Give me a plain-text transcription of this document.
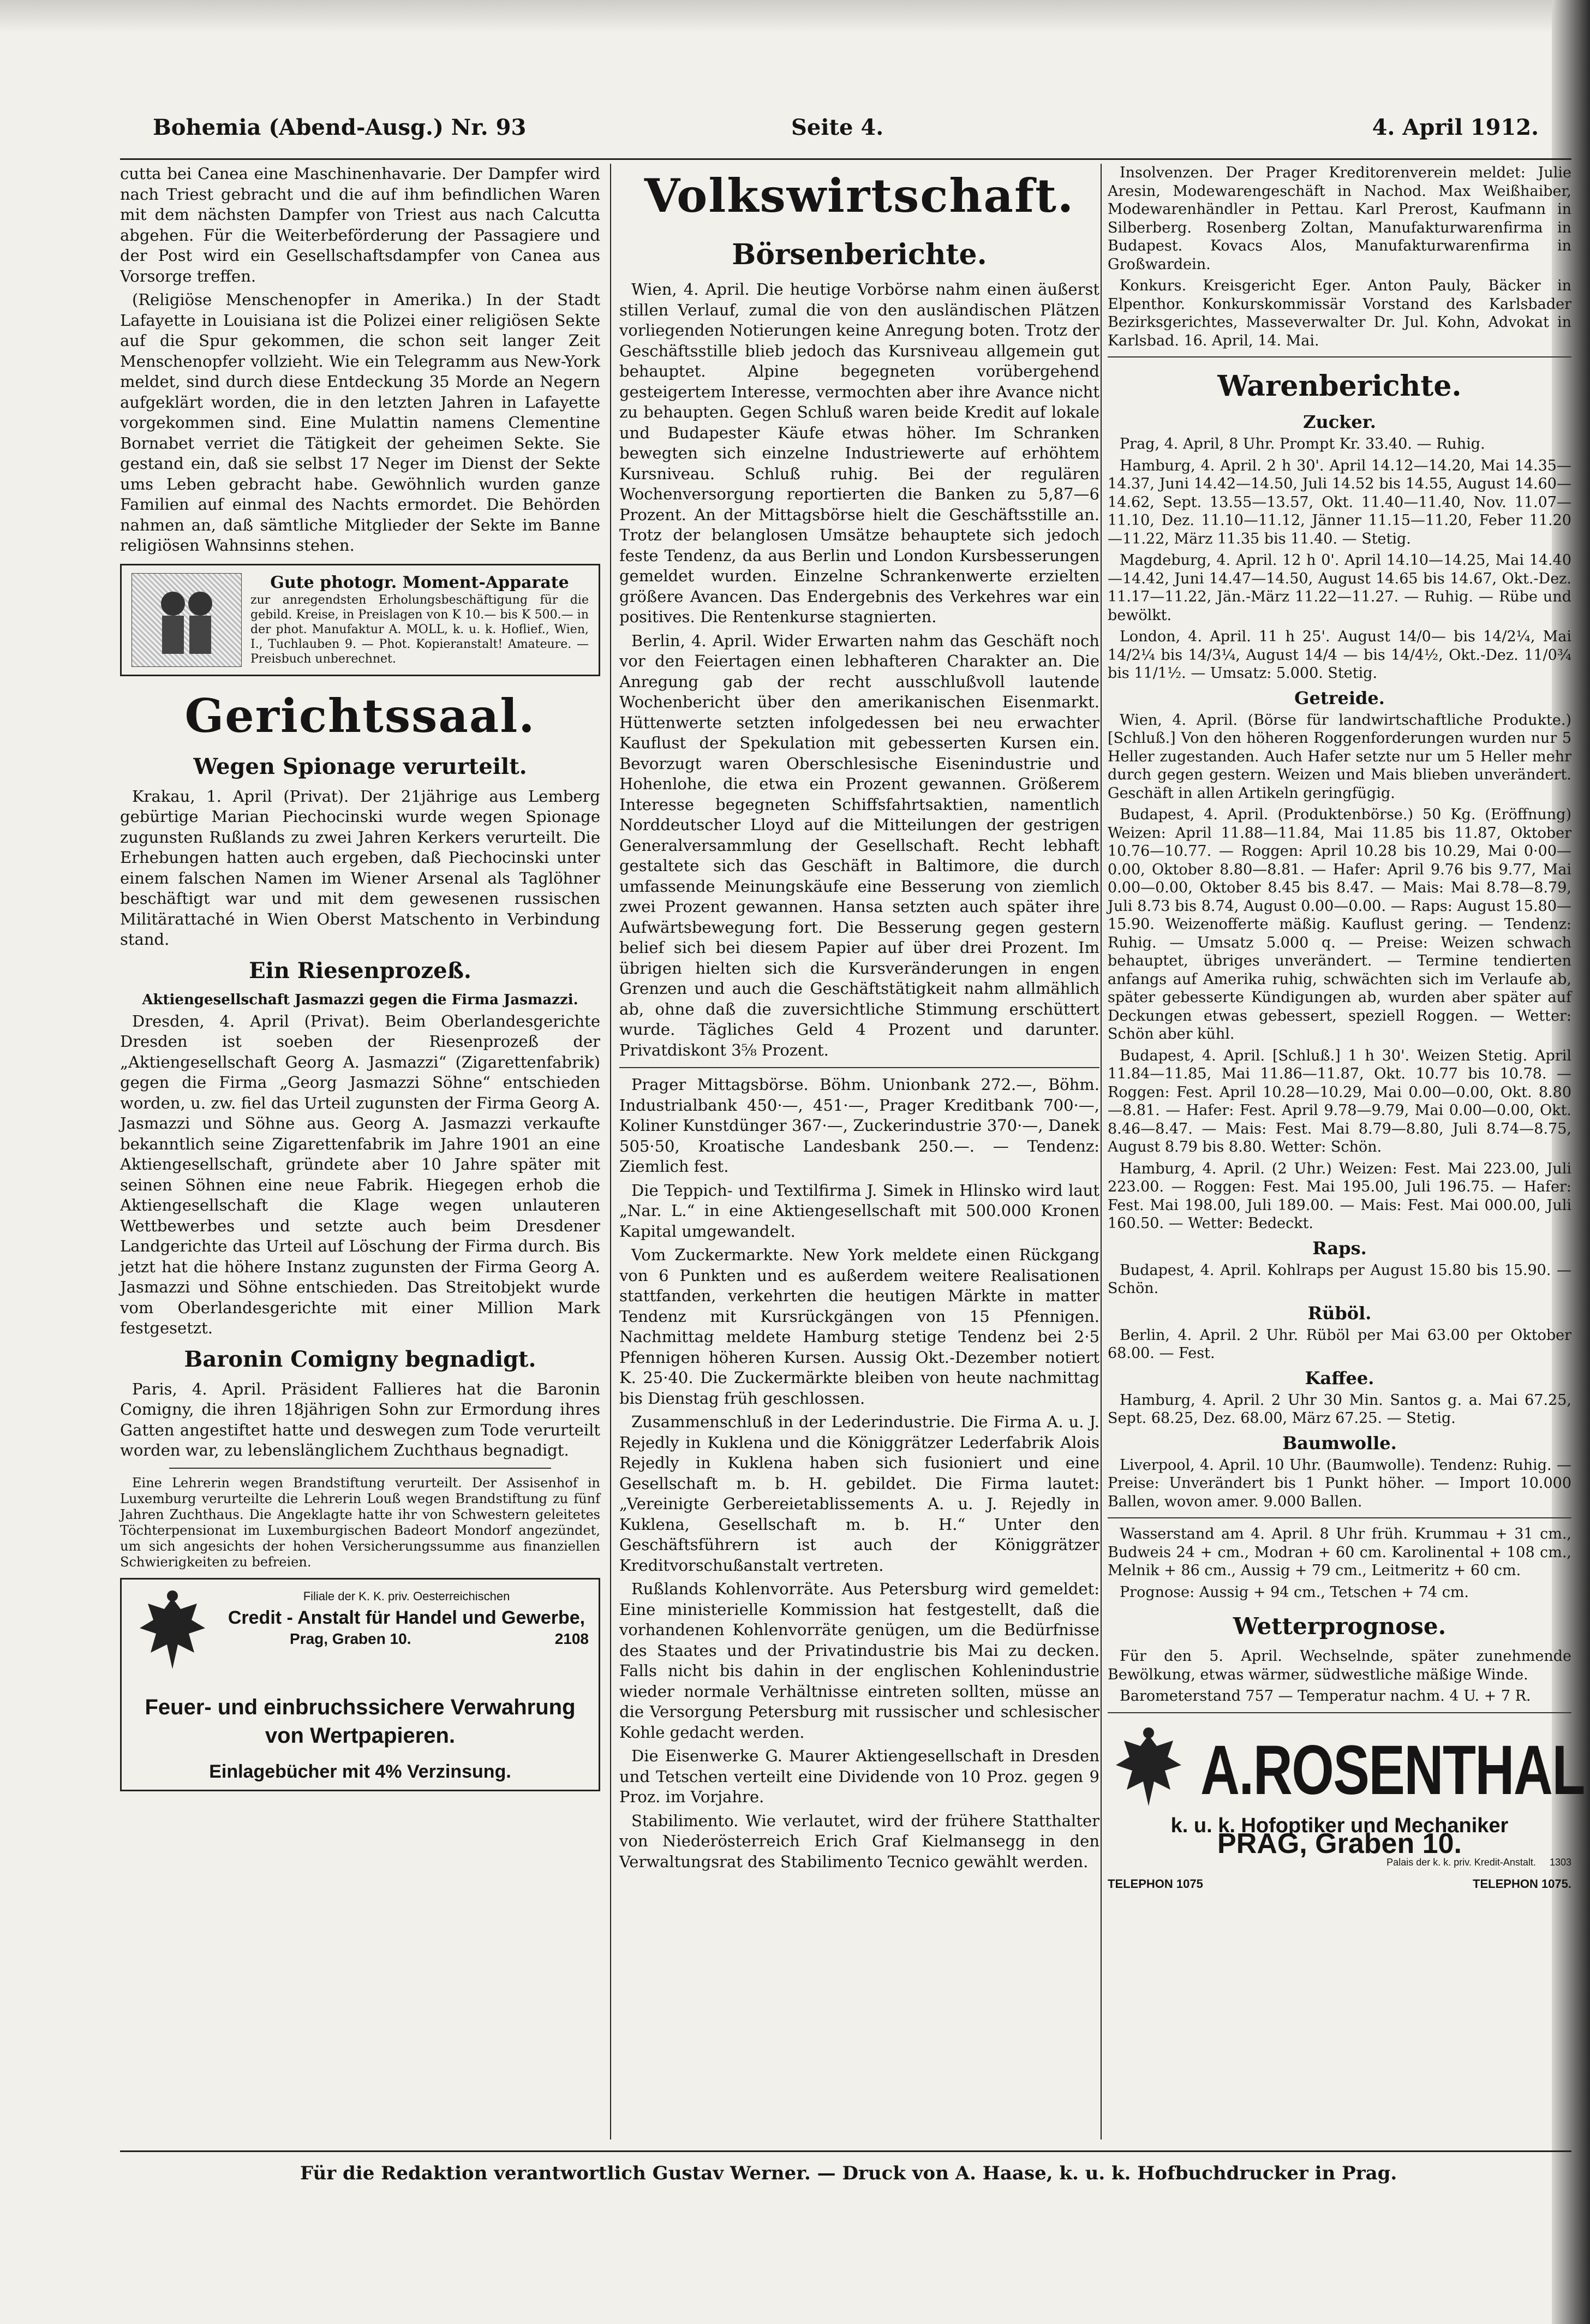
Bohemia (Abend-Ausg.) Nr. 93	Seite 4.	4. April 1912.

cutta bei Canea eine Maschinenhavarie. Der Dampfer wird nach Triest gebracht und die auf ihm befindlichen Waren mit dem nächsten Dampfer von Triest aus nach Calcutta abgehen. Für die Weiterbeförderung der Passagiere und der Post wird ein Gesellschaftsdampfer von Canea aus Vorsorge treffen.

(Religiöse Menschenopfer in Amerika.) In der Stadt Lafayette in Louisiana ist die Polizei einer religiösen Sekte auf die Spur gekommen, die schon seit langer Zeit Menschenopfer vollzieht. Wie ein Telegramm aus New-York meldet, sind durch diese Entdeckung 35 Morde an Negern aufgeklärt worden, die in den letzten Jahren in Lafayette vorgekommen sind. Eine Mulattin namens Clementine Bornabet verriet die Tätigkeit der geheimen Sekte. Sie gestand ein, daß sie selbst 17 Neger im Dienst der Sekte ums Leben gebracht habe. Gewöhnlich wurden ganze Familien auf einmal des Nachts ermordet. Die Behörden nahmen an, daß sämtliche Mitglieder der Sekte im Banne religiösen Wahnsinns stehen.

Gute photogr. Moment-Apparate
zur anregendsten Erholungsbeschäftigung für die gebild. Kreise, in Preislagen von K 10.— bis K 500.— in der phot. Manufaktur A. MOLL, k. u. k. Hoflief., Wien, I., Tuchlauben 9. — Phot. Kopieranstalt! Amateure. — Preisbuch unberechnet.
Gerichtssaal.
Wegen Spionage verurteilt.

Krakau, 1. April (Privat). Der 21jährige aus Lemberg gebürtige Marian Piechocinski wurde wegen Spionage zugunsten Rußlands zu zwei Jahren Kerkers verurteilt. Die Erhebungen hatten auch ergeben, daß Piechocinski unter einem falschen Namen im Wiener Arsenal als Taglöhner beschäftigt war und mit dem gewesenen russischen Militärattaché in Wien Oberst Matschento in Verbindung stand.

Ein Riesenprozeß.
Aktiengesellschaft Jasmazzi gegen die Firma Jasmazzi.

Dresden, 4. April (Privat). Beim Oberlandesgerichte Dresden ist soeben der Riesenprozeß der „Aktiengesellschaft Georg A. Jasmazzi“ (Zigarettenfabrik) gegen die Firma „Georg Jasmazzi Söhne“ entschieden worden, u. zw. fiel das Urteil zugunsten der Firma Georg A. Jasmazzi und Söhne aus. Georg A. Jasmazzi verkaufte bekanntlich seine Zigarettenfabrik im Jahre 1901 an eine Aktiengesellschaft, gründete aber 10 Jahre später mit seinen Söhnen eine neue Fabrik. Hiegegen erhob die Aktiengesellschaft die Klage wegen unlauteren Wettbewerbes und setzte auch beim Dresdener Landgerichte das Urteil auf Löschung der Firma durch. Bis jetzt hat die höhere Instanz zugunsten der Firma Georg A. Jasmazzi und Söhne entschieden. Das Streitobjekt wurde vom Oberlandesgerichte mit einer Million Mark festgesetzt.

Baronin Comigny begnadigt.

Paris, 4. April. Präsident Fallieres hat die Baronin Comigny, die ihren 18jährigen Sohn zur Ermordung ihres Gatten angestiftet hatte und deswegen zum Tode verurteilt worden war, zu lebenslänglichem Zuchthaus begnadigt.

Eine Lehrerin wegen Brandstiftung verurteilt. Der Assisenhof in Luxemburg verurteilte die Lehrerin Louß wegen Brandstiftung zu fünf Jahren Zuchthaus. Die Angeklagte hatte ihr von Schwestern geleitetes Töchterpensionat im Luxemburgischen Badeort Mondorf angezündet, um sich angesichts der hohen Versicherungssumme aus finanziellen Schwierigkeiten zu befreien.

Filiale der K. K. priv. Oesterreichischen
Credit - Anstalt für Handel und Gewerbe,
Prag, Graben 10.	2108
Feuer- und einbruchssichere Verwahrung von Wertpapieren.
Einlagebücher mit 4% Verzinsung.
Volkswirtschaft.
Börsenberichte.

Wien, 4. April. Die heutige Vorbörse nahm einen äußerst stillen Verlauf, zumal die von den ausländischen Plätzen vorliegenden Notierungen keine Anregung boten. Trotz der Geschäftsstille blieb jedoch das Kursniveau allgemein gut behauptet. Alpine begegneten vorübergehend gesteigertem Interesse, vermochten aber ihre Avance nicht zu behaupten. Gegen Schluß waren beide Kredit auf lokale und Budapester Käufe etwas höher. Im Schranken bewegten sich einzelne Industriewerte auf erhöhtem Kursniveau. Schluß ruhig. Bei der regulären Wochenversorgung reportierten die Banken zu 5,87—6 Prozent. An der Mittagsbörse hielt die Geschäftsstille an. Trotz der belanglosen Umsätze behauptete sich jedoch feste Tendenz, da aus Berlin und London Kursbesserungen gemeldet wurden. Einzelne Schrankenwerte erzielten größere Avancen. Das Endergebnis des Verkehres war ein positives. Die Rentenkurse stagnierten.

Berlin, 4. April. Wider Erwarten nahm das Geschäft noch vor den Feiertagen einen lebhafteren Charakter an. Die Anregung gab der recht ausschlußvoll lautende Wochenbericht über den amerikanischen Eisenmarkt. Hüttenwerte setzten infolgedessen bei neu erwachter Kauflust der Spekulation mit gebesserten Kursen ein. Bevorzugt waren Oberschlesische Eisenindustrie und Hohenlohe, die etwa ein Prozent gewannen. Größerem Interesse begegneten Schiffsfahrtsaktien, namentlich Norddeutscher Lloyd auf die Mitteilungen der gestrigen Generalversammlung der Gesellschaft. Recht lebhaft gestaltete sich das Geschäft in Baltimore, die durch umfassende Meinungskäufe eine Besserung von ziemlich zwei Prozent gewannen. Hansa setzten auch später ihre Aufwärtsbewegung fort. Die Besserung gegen gestern belief sich bei diesem Papier auf über drei Prozent. Im übrigen hielten sich die Kursveränderungen in engen Grenzen und auch die Geschäftstätigkeit nahm allmählich ab, ohne daß die zuversichtliche Stimmung erschüttert wurde. Tägliches Geld 4 Prozent und darunter. Privatdiskont 3⅝ Prozent.

Prager Mittagsbörse. Böhm. Unionbank 272.—, Böhm. Industrialbank 450·—, 451·—, Prager Kreditbank 700·—, Koliner Kunstdünger 367·—, Zuckerindustrie 370·—, Danek 505·50, Kroatische Landesbank 250.—. — Tendenz: Ziemlich fest.

Die Teppich- und Textilfirma J. Simek in Hlinsko wird laut „Nar. L.“ in eine Aktiengesellschaft mit 500.000 Kronen Kapital umgewandelt.

Vom Zuckermarkte. New York meldete einen Rückgang von 6 Punkten und es außerdem weitere Realisationen stattfanden, verkehrten die heutigen Märkte in matter Tendenz mit Kursrückgängen von 15 Pfennigen. Nachmittag meldete Hamburg stetige Tendenz bei 2·5 Pfennigen höheren Kursen. Aussig Okt.-Dezember notiert K. 25·40. Die Zuckermärkte bleiben von heute nachmittag bis Dienstag früh geschlossen.

Zusammenschluß in der Lederindustrie. Die Firma A. u. J. Rejedly in Kuklena und die Königgrätzer Lederfabrik Alois Rejedly in Kuklena haben sich fusioniert und eine Gesellschaft m. b. H. gebildet. Die Firma lautet: „Vereinigte Gerbereietablissements A. u. J. Rejedly in Kuklena, Gesellschaft m. b. H.“ Unter den Geschäftsführern ist auch der Königgrätzer Kreditvorschußanstalt vertreten.

Rußlands Kohlenvorräte. Aus Petersburg wird gemeldet: Eine ministerielle Kommission hat festgestellt, daß die vorhandenen Kohlenvorräte genügen, um die Bedürfnisse des Staates und der Privatindustrie bis Mai zu decken. Falls nicht bis dahin in der englischen Kohlenindustrie wieder normale Verhältnisse eintreten sollten, müsse an die Versorgung Petersburg mit russischer und schlesischer Kohle gedacht werden.

Die Eisenwerke G. Maurer Aktiengesellschaft in Dresden und Tetschen verteilt eine Dividende von 10 Proz. gegen 9 Proz. im Vorjahre.

Stabilimento. Wie verlautet, wird der frühere Statthalter von Niederösterreich Erich Graf Kielmansegg in den Verwaltungsrat des Stabilimento Tecnico gewählt werden.

Insolvenzen. Der Prager Kreditorenverein meldet: Julie Aresin, Modewarengeschäft in Nachod. Max Weißhaiber, Modewarenhändler in Pettau. Karl Prerost, Kaufmann in Silberberg. Rosenberg Zoltan, Manufakturwarenfirma in Budapest. Kovacs Alos, Manufakturwarenfirma in Großwardein.

Konkurs. Kreisgericht Eger. Anton Pauly, Bäcker in Elpenthor. Konkurskommissär Vorstand des Karlsbader Bezirksgerichtes, Masseverwalter Dr. Jul. Kohn, Advokat in Karlsbad. 16. April, 14. Mai.

Warenberichte.
Zucker.

Prag, 4. April, 8 Uhr. Prompt Kr. 33.40. — Ruhig.

Hamburg, 4. April. 2 h 30'. April 14.12—14.20, Mai 14.35—14.37, Juni 14.42—14.50, Juli 14.52 bis 14.55, August 14.60—14.62, Sept. 13.55—13.57, Okt. 11.40—11.40, Nov. 11.07—11.10, Dez. 11.10—11.12, Jänner 11.15—11.20, Feber 11.20—11.22, März 11.35 bis 11.40. — Stetig.

Magdeburg, 4. April. 12 h 0'. April 14.10—14.25, Mai 14.40—14.42, Juni 14.47—14.50, August 14.65 bis 14.67, Okt.-Dez. 11.17—11.22, Jän.-März 11.22—11.27. — Ruhig. — Rübe und bewölkt.

London, 4. April. 11 h 25'. August 14/0— bis 14/2¼, Mai 14/2¼ bis 14/3¼, August 14/4 — bis 14/4½, Okt.-Dez. 11/0¾ bis 11/1½. — Umsatz: 5.000. Stetig.

Getreide.

Wien, 4. April. (Börse für landwirtschaftliche Produkte.) [Schluß.] Von den höheren Roggenforderungen wurden nur 5 Heller zugestanden. Auch Hafer setzte nur um 5 Heller mehr durch gegen gestern. Weizen und Mais blieben unverändert. Geschäft in allen Artikeln geringfügig.

Budapest, 4. April. (Produktenbörse.) 50 Kg. (Eröffnung) Weizen: April 11.88—11.84, Mai 11.85 bis 11.87, Oktober 10.76—10.77. — Roggen: April 10.28 bis 10.29, Mai 0·00—0.00, Oktober 8.80—8.81. — Hafer: April 9.76 bis 9.77, Mai 0.00—0.00, Oktober 8.45 bis 8.47. — Mais: Mai 8.78—8.79, Juli 8.73 bis 8.74, August 0.00—0.00. — Raps: August 15.80—15.90. Weizenofferte mäßig. Kauflust gering. — Tendenz: Ruhig. — Umsatz 5.000 q. — Preise: Weizen schwach behauptet, übriges unverändert. — Termine tendierten anfangs auf Amerika ruhig, schwächten sich im Verlaufe ab, später gebesserte Kündigungen ab, wurden aber später auf Deckungen etwas gebessert, speziell Roggen. — Wetter: Schön aber kühl.

Budapest, 4. April. [Schluß.] 1 h 30'. Weizen Stetig. April 11.84—11.85, Mai 11.86—11.87, Okt. 10.77 bis 10.78. — Roggen: Fest. April 10.28—10.29, Mai 0.00—0.00, Okt. 8.80—8.81. — Hafer: Fest. April 9.78—9.79, Mai 0.00—0.00, Okt. 8.46—8.47. — Mais: Fest. Mai 8.79—8.80, Juli 8.74—8.75, August 8.79 bis 8.80. Wetter: Schön.

Hamburg, 4. April. (2 Uhr.) Weizen: Fest. Mai 223.00, Juli 223.00. — Roggen: Fest. Mai 195.00, Juli 196.75. — Hafer: Fest. Mai 198.00, Juli 189.00. — Mais: Fest. Mai 000.00, Juli 160.50. — Wetter: Bedeckt.

Raps.

Budapest, 4. April. Kohlraps per August 15.80 bis 15.90. — Schön.

Rüböl.

Berlin, 4. April. 2 Uhr. Rüböl per Mai 63.00 per Oktober 68.00. — Fest.

Kaffee.

Hamburg, 4. April. 2 Uhr 30 Min. Santos g. a. Mai 67.25, Sept. 68.25, Dez. 68.00, März 67.25. — Stetig.

Baumwolle.

Liverpool, 4. April. 10 Uhr. (Baumwolle). Tendenz: Ruhig. — Preise: Unverändert bis 1 Punkt höher. — Import 10.000 Ballen, wovon amer. 9.000 Ballen.

Wasserstand am 4. April. 8 Uhr früh. Krummau + 31 cm., Budweis 24 + cm., Modran + 60 cm. Karolinental + 108 cm., Melnik + 86 cm., Aussig + 79 cm., Leitmeritz + 60 cm.

Prognose: Aussig + 94 cm., Tetschen + 74 cm.

Wetterprognose.

Für den 5. April. Wechselnde, später zunehmende Bewölkung, etwas wärmer, südwestliche mäßige Winde.

Barometerstand 757 — Temperatur nachm. 4 U. + 7 R.

A.ROSENTHAL
k. u. k. Hofoptiker und Mechaniker
PRAG, Graben 10.
Palais der k. k. priv. Kredit-Anstalt. 1303
TELEPHON 1075	TELEPHON 1075.
Für die Redaktion verantwortlich Gustav Werner. — Druck von A. Haase, k. u. k. Hofbuchdrucker in Prag.
